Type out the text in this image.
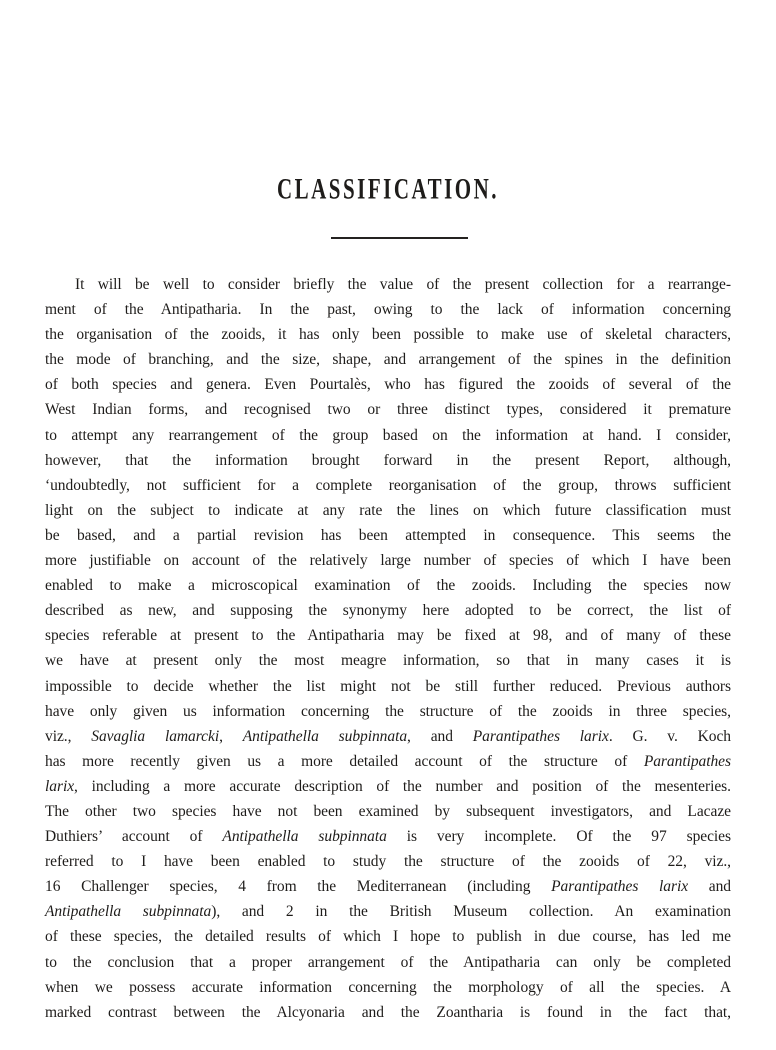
CLASSIFICATION.
It will be well to consider briefly the value of the present collection for a rearrange-
ment of the Antipatharia. In the past, owing to the lack of information concerning
the organisation of the zooids, it has only been possible to make use of skeletal characters,
the mode of branching, and the size, shape, and arrangement of the spines in the definition
of both species and genera. Even Pourtalès, who has figured the zooids of several of the
West Indian forms, and recognised two or three distinct types, considered it premature
to attempt any rearrangement of the group based on the information at hand. I consider,
however, that the information brought forward in the present Report, although,
‘undoubtedly, not sufficient for a complete reorganisation of the group, throws sufficient
light on the subject to indicate at any rate the lines on which future classification must
be based, and a partial revision has been attempted in consequence. This seems the
more justifiable on account of the relatively large number of species of which I have been
enabled to make a microscopical examination of the zooids. Including the species now
described as new, and supposing the synonymy here adopted to be correct, the list of
species referable at present to the Antipatharia may be fixed at 98, and of many of these
we have at present only the most meagre information, so that in many cases it is
impossible to decide whether the list might not be still further reduced. Previous authors
have only given us information concerning the structure of the zooids in three species,
viz., Savaglia lamarcki, Antipathella subpinnata, and Parantipathes larix. G. v. Koch
has more recently given us a more detailed account of the structure of Parantipathes
larix, including a more accurate description of the number and position of the mesenteries.
The other two species have not been examined by subsequent investigators, and Lacaze
Duthiers’ account of Antipathella subpinnata is very incomplete. Of the 97 species
referred to I have been enabled to study the structure of the zooids of 22, viz.,
16 Challenger species, 4 from the Mediterranean (including Parantipathes larix and
Antipathella subpinnata), and 2 in the British Museum collection. An examination
of these species, the detailed results of which I hope to publish in due course, has led me
to the conclusion that a proper arrangement of the Antipatharia can only be completed
when we possess accurate information concerning the morphology of all the species. A
marked contrast between the Alcyonaria and the Zoantharia is found in the fact that,
